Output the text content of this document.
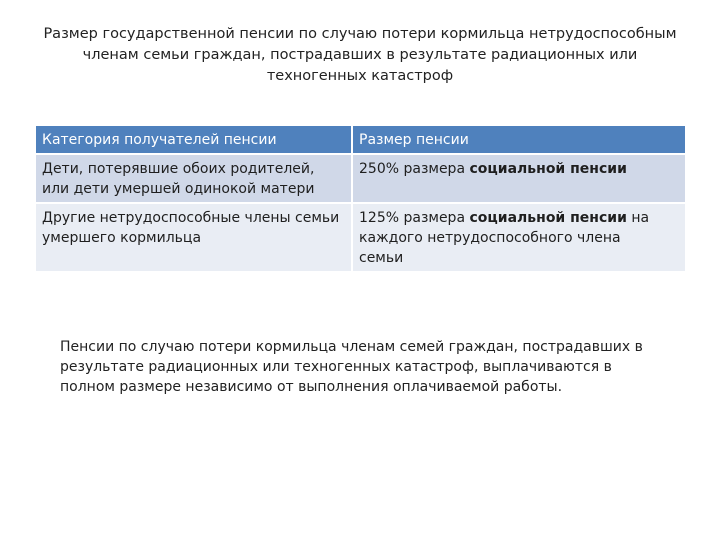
Размер государственной пенсии по случаю потери кормильца нетрудоспособным
членам семьи граждан, пострадавших в результате радиационных или
техногенных катастроф
Категория получателей пенсии	Размер пенсии

Дети, потерявшие обоих родителей,
или дети умершей одинокой матери	250% размера социальной пенсии

Другие нетрудоспособные члены семьи
умершего кормильца	125% размера социальной пенсии на
каждого нетрудоспособного члена
семьи
Пенсии по случаю потери кормильца членам семей граждан, пострадавших в
результате радиационных или техногенных катастроф, выплачиваются в
полном размере независимо от выполнения оплачиваемой работы.
